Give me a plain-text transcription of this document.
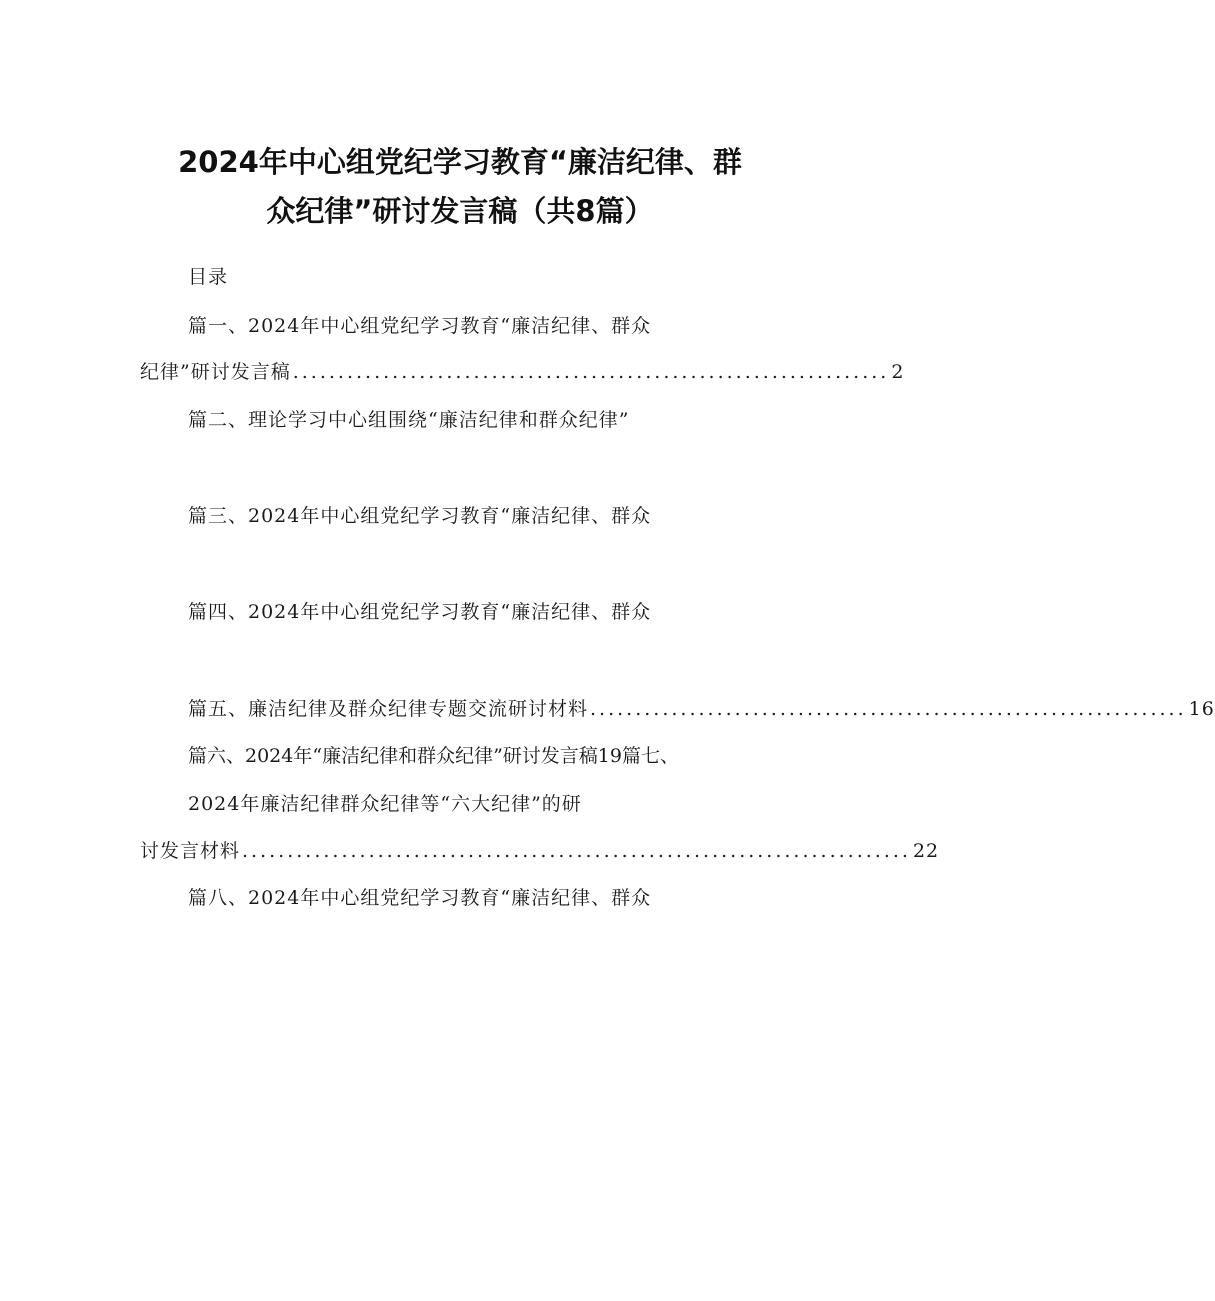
2024年中心组党纪学习教育“廉洁纪律、群
众纪律”研讨发言稿（共8篇）
目录
篇一、2024年中心组党纪学习教育“廉洁纪律、群众
纪律”研讨发言稿 .................................................................. 2
篇二、理论学习中心组围绕“廉洁纪律和群众纪律”
篇三、2024年中心组党纪学习教育“廉洁纪律、群众
篇四、2024年中心组党纪学习教育“廉洁纪律、群众
篇五、廉洁纪律及群众纪律专题交流研讨材料 .................................................................. 16
篇六、2024年“廉洁纪律和群众纪律”研讨发言稿19篇七、
2024年廉洁纪律群众纪律等“六大纪律”的研
讨发言材料 .......................................................................... 22
篇八、2024年中心组党纪学习教育“廉洁纪律、群众
